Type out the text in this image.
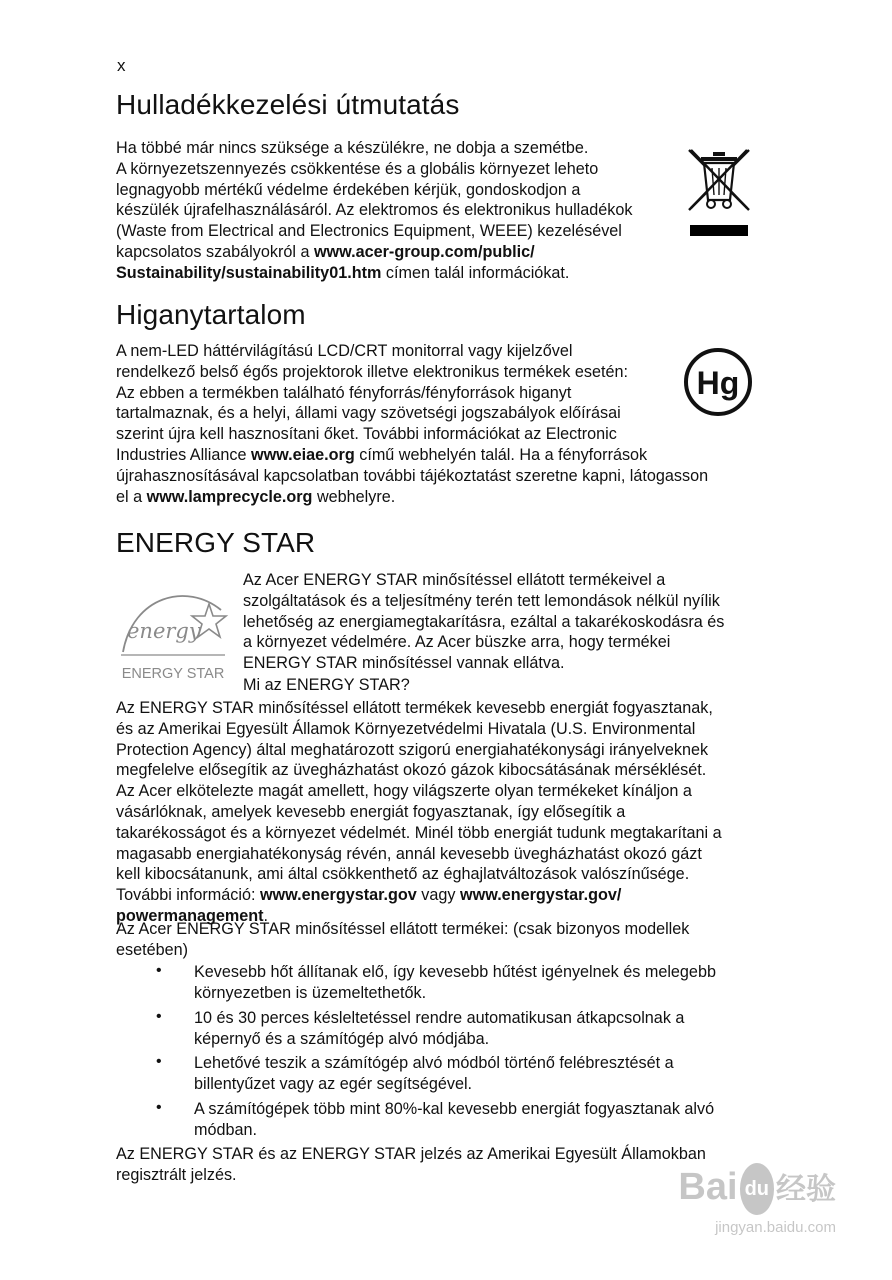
x
Hulladékkezelési útmutatás
Ha többé már nincs szüksége a készülékre, ne dobja a szemétbe.
A környezetszennyezés csökkentése és a globális környezet leheto
legnagyobb mértékű védelme érdekében kérjük, gondoskodjon a
készülék újrafelhasználásáról. Az elektromos és elektronikus hulladékok
(Waste from Electrical and Electronics Equipment, WEEE) kezelésével
kapcsolatos szabályokról a www.acer-group.com/public/
Sustainability/sustainability01.htm címen talál információkat.
Higanytartalom
A nem-LED háttérvilágítású LCD/CRT monitorral vagy kijelzővel
rendelkező belső égős projektorok illetve elektronikus termékek esetén:
Az ebben a termékben található fényforrás/fényforrások higanyt
tartalmaznak, és a helyi, állami vagy szövetségi jogszabályok előírásai
szerint újra kell hasznosítani őket. További információkat az Electronic
Industries Alliance www.eiae.org című webhelyén talál. Ha a fényforrások
újrahasznosításával kapcsolatban további tájékoztatást szeretne kapni, látogasson
el a www.lamprecycle.org webhelyre.
Hg
ENERGY STAR
energy
ENERGY STAR
Az Acer ENERGY STAR minősítéssel ellátott termékeivel a
szolgáltatások és a teljesítmény terén tett lemondások nélkül nyílik
lehetőség az energiamegtakarításra, ezáltal a takarékoskodásra és
a környezet védelmére. Az Acer büszke arra, hogy termékei
ENERGY STAR minősítéssel vannak ellátva.
Mi az ENERGY STAR?
Az ENERGY STAR minősítéssel ellátott termékek kevesebb energiát fogyasztanak,
és az Amerikai Egyesült Államok Környezetvédelmi Hivatala (U.S. Environmental
Protection Agency) által meghatározott szigorú energiahatékonysági irányelveknek
megfelelve elősegítik az üvegházhatást okozó gázok kibocsátásának mérséklését.
Az Acer elkötelezte magát amellett, hogy világszerte olyan termékeket kínáljon a
vásárlóknak, amelyek kevesebb energiát fogyasztanak, így elősegítik a
takarékosságot és a környezet védelmét. Minél több energiát tudunk megtakarítani a
magasabb energiahatékonyság révén, annál kevesebb üvegházhatást okozó gázt
kell kibocsátanunk, ami által csökkenthető az éghajlatváltozások valószínűsége.
További információ: www.energystar.gov vagy www.energystar.gov/
powermanagement.
Az Acer ENERGY STAR minősítéssel ellátott termékei: (csak bizonyos modellek
esetében)
• Kevesebb hőt állítanak elő, így kevesebb hűtést igényelnek és melegebb
környezetben is üzemeltethetők.
• 10 és 30 perces késleltetéssel rendre automatikusan átkapcsolnak a
képernyő és a számítógép alvó módjába.
• Lehetővé teszik a számítógép alvó módból történő felébresztését a
billentyűzet vagy az egér segítségével.
• A számítógépek több mint 80%-kal kevesebb energiát fogyasztanak alvó
módban.
Az ENERGY STAR és az ENERGY STAR jelzés az Amerikai Egyesült Államokban
regisztrált jelzés.	Bai du 经验
jingyan.baidu.com
